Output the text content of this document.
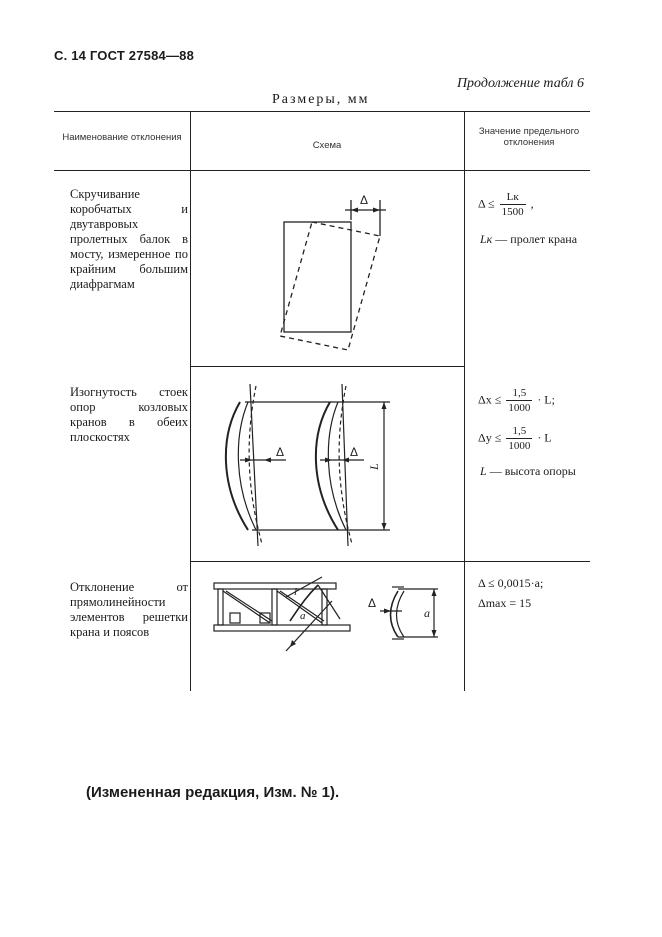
С. 14 ГОСТ 27584—88
Продолжение табл 6
Размеры, мм
Наименование отклонения
Схема
Значение предельного отклонения
Скручивание коробчатых и двутавровых пролетных балок в мосту, измеренное по крайним большим диафрагмам
Δ	$\Delta \le \frac{Lк}{1500}$ ,
Lк — пролет крана
Изогнутость стоек опор козловых кранов в обеих плоскостях
Δ	Δ
L
$\Delta x \le \frac{1,5}{1000} \cdot L$;
$\Delta y \le \frac{1,5}{1000} \cdot L$
L — высота опоры
Отклонение от прямолинейности элементов решетки крана и поясов
l
a
Δ
a
Δ ≤ 0,0015·a;
Δmax = 15
(Измененная редакция, Изм. № 1).
